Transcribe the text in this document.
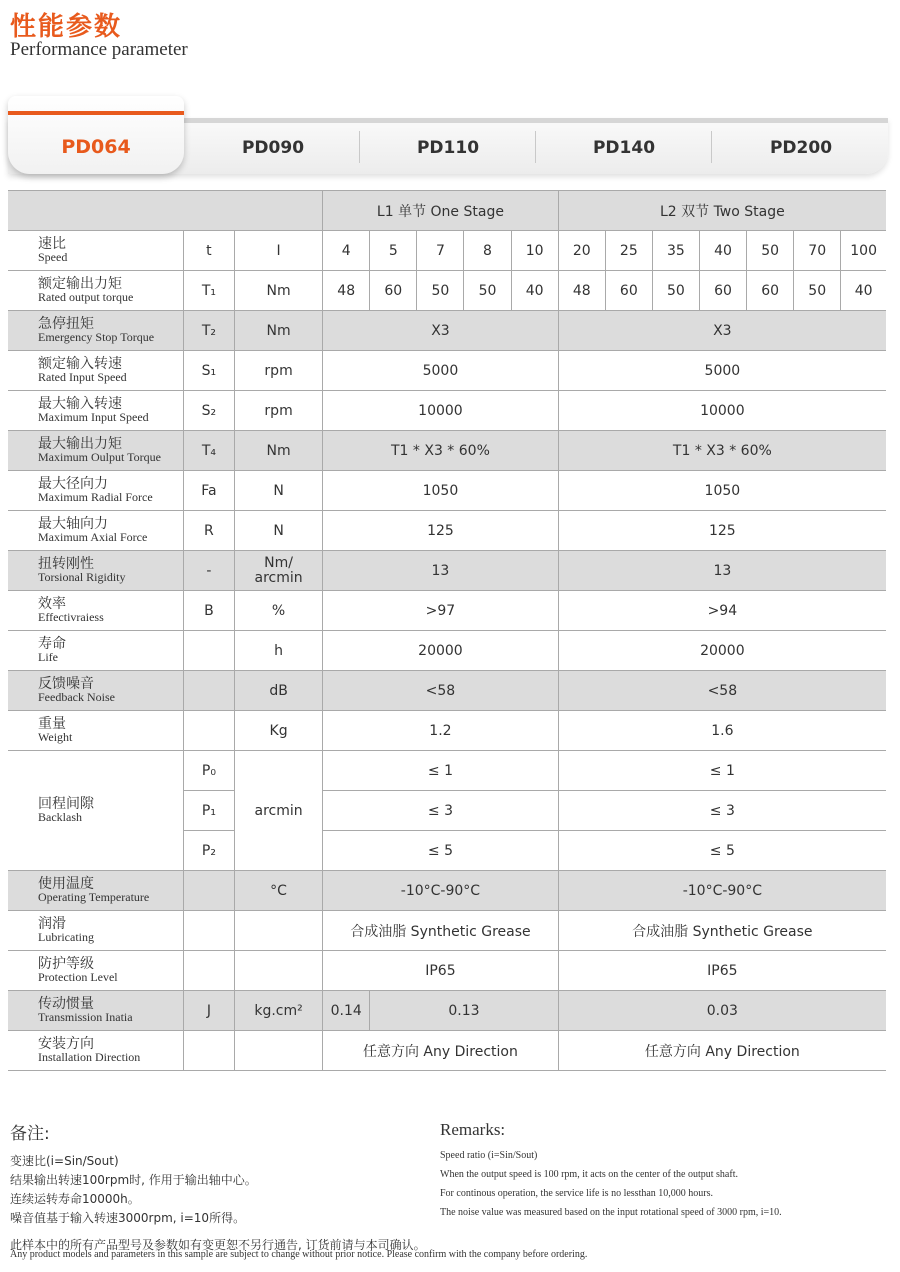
性能参数
Performance parameter
PD064	PD090	PD110	PD140	PD200
			L1 单节 One Stage					L2 双节 Two Stage						

速比
Speed	t	I	4	5	7	8	10	20	25	35	40	50	70	100

额定输出力矩
Rated output torque	T₁	Nm	48	60	50	50	40	48	60	50	60	60	50	40

急停扭矩
Emergency Stop Torque	T₂	Nm	X3					X3						

额定输入转速
Rated Input Speed	S₁	rpm	5000					5000						

最大输入转速
Maximum Input Speed	S₂	rpm	10000					10000						

最大输出力矩
Maximum Oulput Torque	T₄	Nm	T1 * X3 * 60%					T1 * X3 * 60%						

最大径向力
Maximum Radial Force	Fa	N	1050					1050						

最大轴向力
Maximum Axial Force	R	N	125					125						

扭转刚性
Torsional Rigidity	-	Nm/
arcmin	13					13						

效率
Effectivraiess	B	%	>97					>94						

寿命
Life		h	20000					20000						

反馈噪音
Feedback Noise		dB	<58					<58						

重量
Weight		Kg	1.2					1.6						

回程间隙
Backlash	P₀	arcmin	≤ 1					≤ 1						
	P₁		≤ 3					≤ 3						
	P₂		≤ 5					≤ 5						

使用温度
Operating Temperature		°C	-10°C-90°C					-10°C-90°C						

润滑
Lubricating			合成油脂 Synthetic Grease					合成油脂 Synthetic Grease						

防护等级
Protection Level			IP65					IP65						

传动惯量
Transmission Inatia	J	kg.cm²	0.14	0.13				0.03						

安装方向
Installation Direction			任意方向 Any Direction					任意方向 Any Direction						
备注:
变速比(i=Sin/Sout)
结果输出转速100rpm时, 作用于输出轴中心。
连续运转寿命10000h。
噪音值基于输入转速3000rpm, i=10所得。
Remarks:
Speed ratio (i=Sin/Sout)
When the output speed is 100 rpm, it acts on the center of the output shaft.
For continous operation, the service life is no lessthan 10,000 hours.
The noise value was measured based on the input rotational speed of 3000 rpm, i=10.
此样本中的所有产品型号及参数如有变更恕不另行通告, 订货前请与本司确认。
Any product models and parameters in this sample are subject to change without prior notice. Please confirm with the company before ordering.
